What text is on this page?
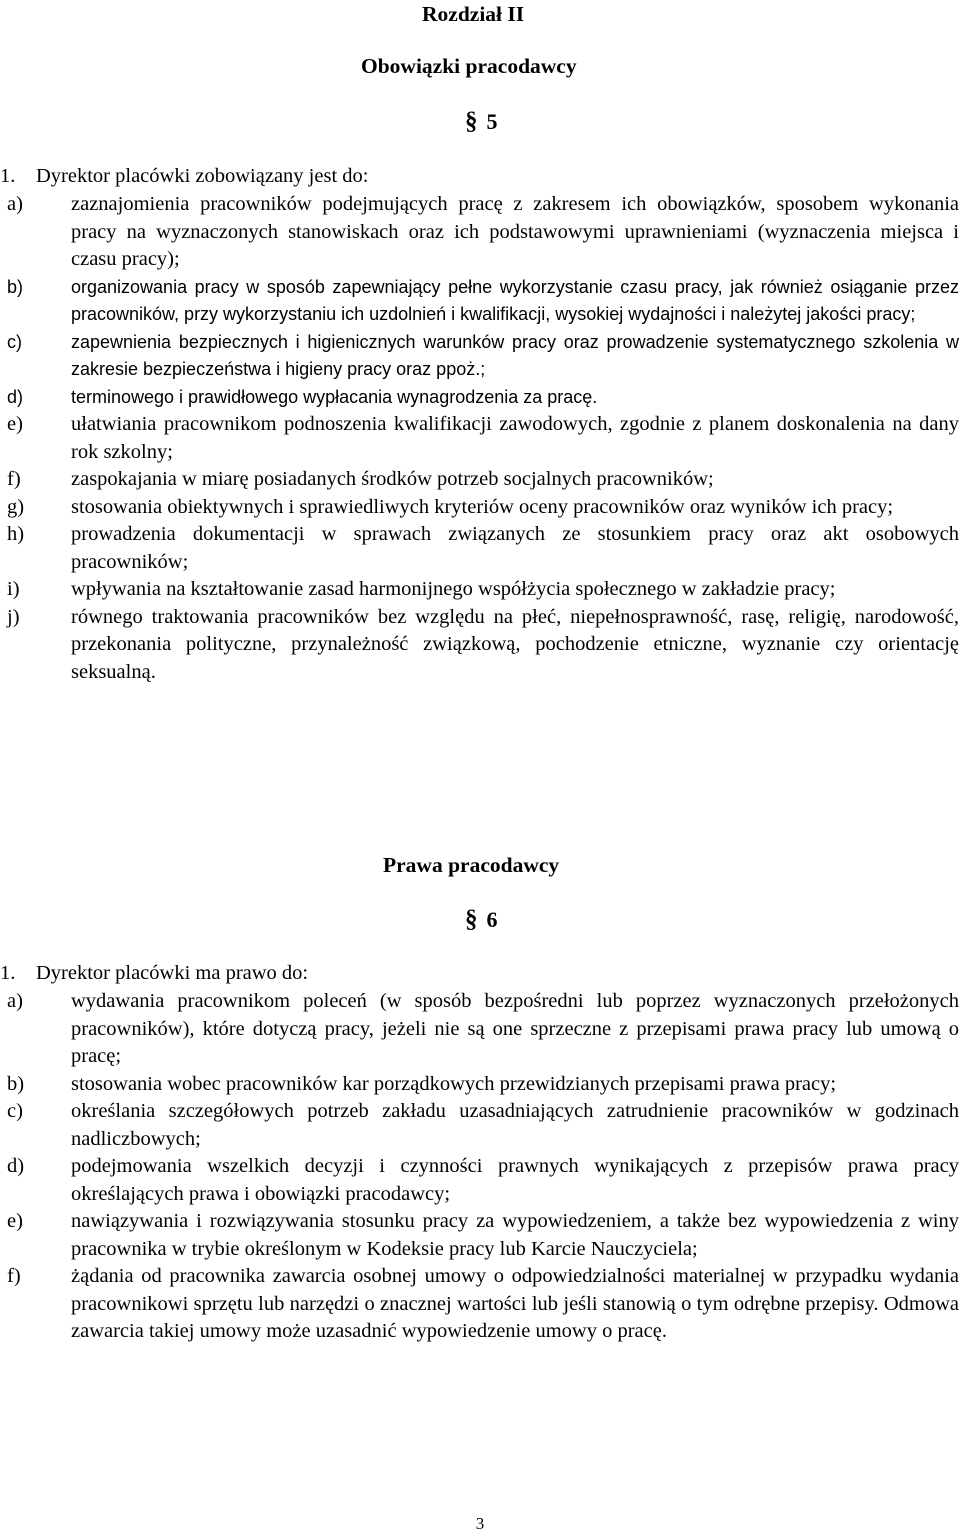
Rozdział II
Obowiązki pracodawcy
§ 5
1. Dyrektor placówki zobowiązany jest do:
a) zaznajomienia pracowników podejmujących pracę z zakresem ich obowiązków, sposobem wykonania pracy na wyznaczonych stanowiskach oraz ich podstawowymi uprawnieniami (wyznaczenia miejsca i czasu pracy);
b)	organizowania pracy w sposób zapewniający pełne wykorzystanie czasu pracy, jak również osiąganie przez pracowników, przy wykorzystaniu ich uzdolnień i kwalifikacji, wysokiej wydajności i należytej jakości pracy;
c)	zapewnienia bezpiecznych i higienicznych warunków pracy oraz prowadzenie systematycznego szkolenia w zakresie bezpieczeństwa i higieny pracy oraz ppoż.;
d)	terminowego i prawidłowego wypłacania wynagrodzenia za pracę.
e) ułatwiania pracownikom podnoszenia kwalifikacji zawodowych, zgodnie z planem doskonalenia na dany rok szkolny;
f) zaspokajania w miarę posiadanych środków potrzeb socjalnych pracowników;
g) stosowania obiektywnych i sprawiedliwych kryteriów oceny pracowników oraz wyników ich pracy;
h) prowadzenia dokumentacji w sprawach związanych ze stosunkiem pracy oraz akt osobowych pracowników;
i)	wpływania na kształtowanie zasad harmonijnego współżycia społecznego w zakładzie pracy;
j)	równego traktowania pracowników bez względu na płeć, niepełnosprawność, rasę, religię, narodowość, przekonania polityczne, przynależność związkową, pochodzenie etniczne, wyznanie czy orientację seksualną.
Prawa pracodawcy
§ 6
1. Dyrektor placówki ma prawo do:
a) wydawania pracownikom poleceń (w sposób bezpośredni lub poprzez wyznaczonych przełożonych pracowników), które dotyczą pracy, jeżeli nie są one sprzeczne z przepisami prawa pracy lub umową o pracę;
b) stosowania wobec pracowników kar porządkowych przewidzianych przepisami prawa pracy;
c) określania szczegółowych potrzeb zakładu uzasadniających zatrudnienie pracowników w godzinach nadliczbowych;
d) podejmowania wszelkich decyzji i czynności prawnych wynikających z przepisów prawa pracy określających prawa i obowiązki pracodawcy;
e) nawiązywania i rozwiązywania stosunku pracy za wypowiedzeniem, a także bez wypowiedzenia z winy pracownika w trybie określonym w Kodeksie pracy lub Karcie Nauczyciela;
f) żądania od pracownika zawarcia osobnej umowy o odpowiedzialności materialnej w przypadku wydania pracownikowi sprzętu lub narzędzi o znacznej wartości lub jeśli stanowią o tym odrębne przepisy. Odmowa zawarcia takiej umowy może uzasadnić wypowiedzenie umowy o pracę.
3
